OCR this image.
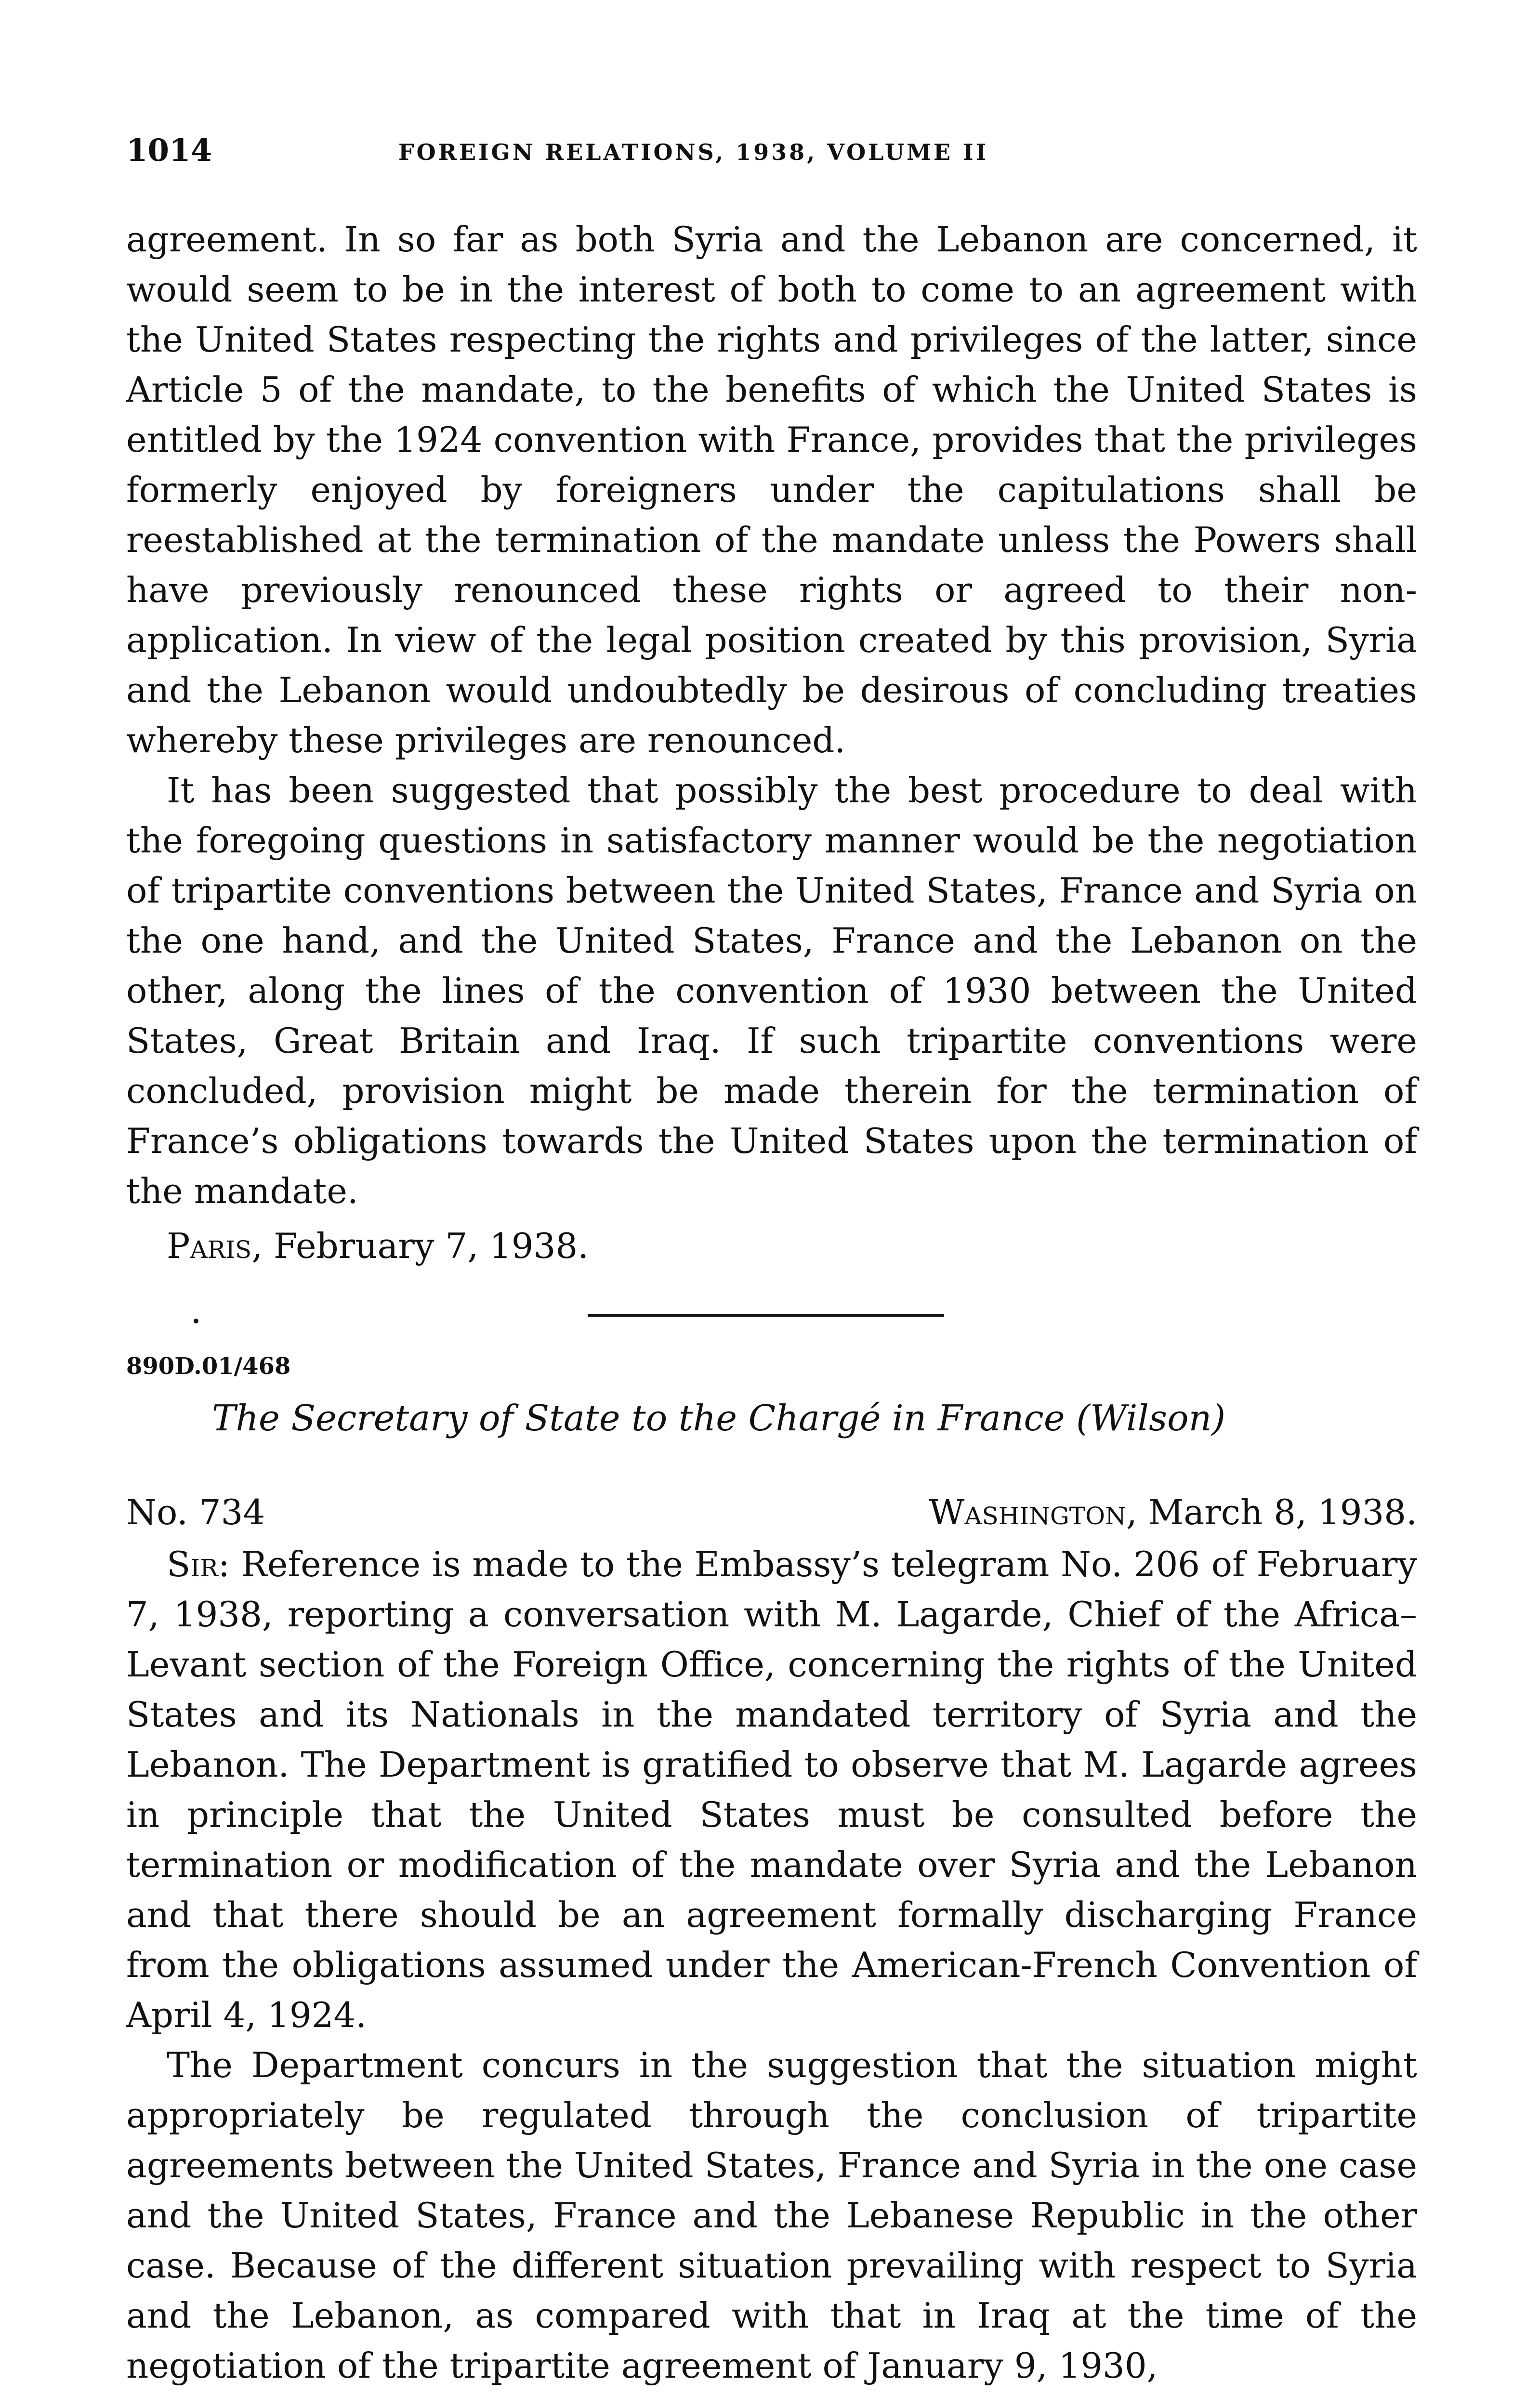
1014	FOREIGN RELATIONS, 1938, VOLUME II

agreement. In so far as both Syria and the Lebanon are concerned, it would seem to be in the interest of both to come to an agreement with the United States respecting the rights and privileges of the latter, since Article 5 of the mandate, to the benefits of which the United States is entitled by the 1924 convention with France, provides that the privileges formerly enjoyed by foreigners under the capitulations shall be reestablished at the termination of the mandate unless the Powers shall have previously renounced these rights or agreed to their non-application. In view of the legal position created by this provision, Syria and the Lebanon would undoubtedly be desirous of concluding treaties whereby these privileges are renounced.

It has been suggested that possibly the best procedure to deal with the foregoing questions in satisfactory manner would be the negotiation of tripartite conventions between the United States, France and Syria on the one hand, and the United States, France and the Lebanon on the other, along the lines of the convention of 1930 between the United States, Great Britain and Iraq. If such tripartite conventions were concluded, provision might be made therein for the termination of France’s obligations towards the United States upon the termination of the mandate.

Paris, February 7, 1938.
890D.01/468
The Secretary of State to the Chargé in France (Wilson)
No. 734	Washington, March 8, 1938.

Sir: Reference is made to the Embassy’s telegram No. 206 of February 7, 1938, reporting a conversation with M. Lagarde, Chief of the Africa–Levant section of the Foreign Office, concerning the rights of the United States and its Nationals in the mandated territory of Syria and the Lebanon. The Department is gratified to observe that M. Lagarde agrees in principle that the United States must be consulted before the termination or modification of the mandate over Syria and the Lebanon and that there should be an agreement formally discharging France from the obligations assumed under the American-French Convention of April 4, 1924.

The Department concurs in the suggestion that the situation might appropriately be regulated through the conclusion of tripartite agreements between the United States, France and Syria in the one case and the United States, France and the Lebanese Republic in the other case. Because of the different situation prevailing with respect to Syria and the Lebanon, as compared with that in Iraq at the time of the negotiation of the tripartite agreement of January 9, 1930,
